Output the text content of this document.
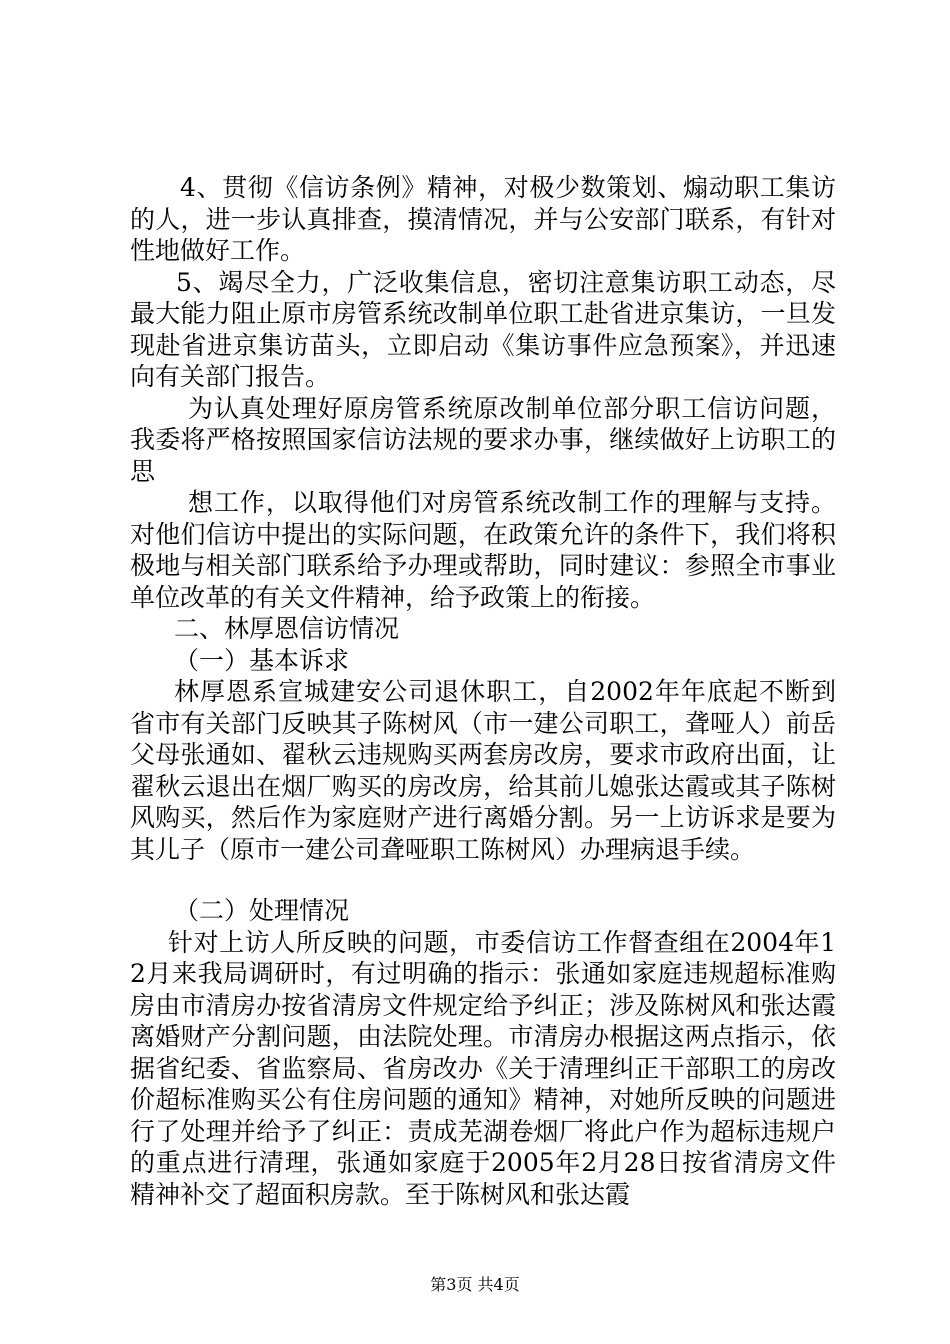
4、贯彻《信访条例》精神，对极少数策划、煽动职工集访的人，进一步认真排查，摸清情况，并与公安部门联系，有针对性地做好工作。

5、竭尽全力，广泛收集信息，密切注意集访职工动态，尽最大能力阻止原市房管系统改制单位职工赴省进京集访，一旦发现赴省进京集访苗头，立即启动《集访事件应急预案》，并迅速向有关部门报告。

为认真处理好原房管系统原改制单位部分职工信访问题，我委将严格按照国家信访法规的要求办事，继续做好上访职工的思

想工作，以取得他们对房管系统改制工作的理解与支持。对他们信访中提出的实际问题，在政策允许的条件下，我们将积极地与相关部门联系给予办理或帮助，同时建议：参照全市事业单位改革的有关文件精神，给予政策上的衔接。

二、林厚恩信访情况

（一）基本诉求

林厚恩系宣城建安公司退休职工，自2002年年底起不断到省市有关部门反映其子陈树风（市一建公司职工，聋哑人）前岳父母张通如、翟秋云违规购买两套房改房，要求市政府出面，让翟秋云退出在烟厂购买的房改房，给其前儿媳张达霞或其子陈树风购买，然后作为家庭财产进行离婚分割。另一上访诉求是要为其儿子（原市一建公司聋哑职工陈树风）办理病退手续。

（二）处理情况

针对上访人所反映的问题，市委信访工作督查组在2004年12月来我局调研时，有过明确的指示：张通如家庭违规超标准购房由市清房办按省清房文件规定给予纠正；涉及陈树风和张达霞离婚财产分割问题，由法院处理。市清房办根据这两点指示，依据省纪委、省监察局、省房改办《关于清理纠正干部职工的房改价超标准购买公有住房问题的通知》精神，对她所反映的问题进行了处理并给予了纠正：责成芜湖卷烟厂将此户作为超标违规户的重点进行清理，张通如家庭于2005年2月28日按省清房文件精神补交了超面积房款。至于陈树风和张达霞

第3页 共4页
